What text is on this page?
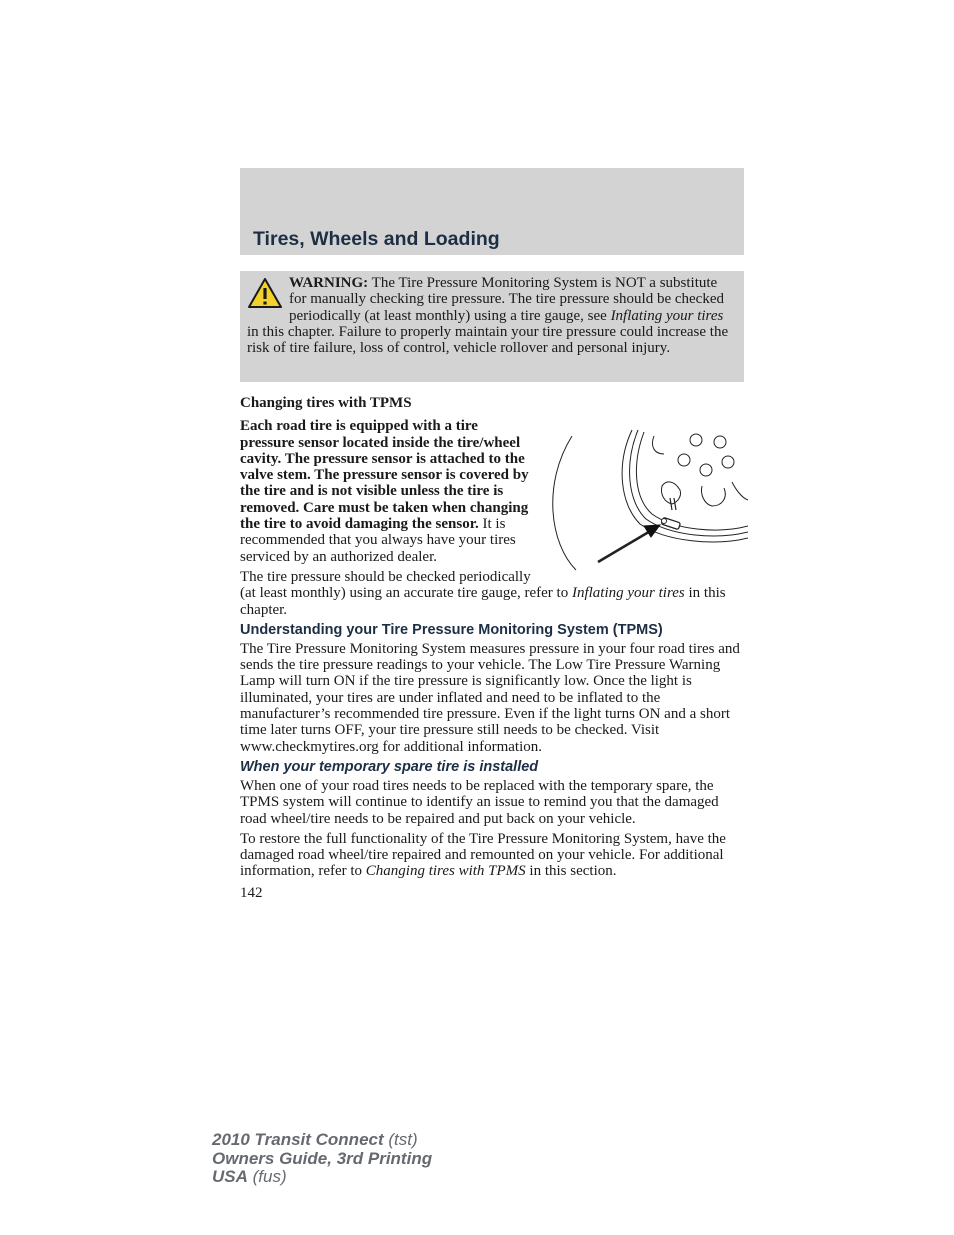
Tires, Wheels and Loading
WARNING: The Tire Pressure Monitoring System is NOT a substitute for manually checking tire pressure. The tire pressure should be checked periodically (at least monthly) using a tire gauge, see Inflating your tires in this chapter. Failure to properly maintain your tire pressure could increase the risk of tire failure, loss of control, vehicle rollover and personal injury.

Changing tires with TPMS

Each road tire is equipped with a tire pressure sensor located inside the tire/wheel cavity. The pressure sensor is attached to the valve stem. The pressure sensor is covered by the tire and is not visible unless the tire is removed. Care must be taken when changing the tire to avoid damaging the sensor. It is recommended that you always have your tires serviced by an authorized dealer.

The tire pressure should be checked periodically (at least monthly) using an accurate tire gauge, refer to Inflating your tires in this chapter.

Understanding your Tire Pressure Monitoring System (TPMS)

The Tire Pressure Monitoring System measures pressure in your four road tires and sends the tire pressure readings to your vehicle. The Low Tire Pressure Warning Lamp will turn ON if the tire pressure is significantly low. Once the light is illuminated, your tires are under inflated and need to be inflated to the manufacturer’s recommended tire pressure. Even if the light turns ON and a short time later turns OFF, your tire pressure still needs to be checked. Visit www.checkmytires.org for additional information.

When your temporary spare tire is installed

When one of your road tires needs to be replaced with the temporary spare, the TPMS system will continue to identify an issue to remind you that the damaged road wheel/tire needs to be repaired and put back on your vehicle.

To restore the full functionality of the Tire Pressure Monitoring System, have the damaged road wheel/tire repaired and remounted on your vehicle. For additional information, refer to Changing tires with TPMS in this section.

142

2010 Transit Connect (tst)
Owners Guide, 3rd Printing
USA (fus)
